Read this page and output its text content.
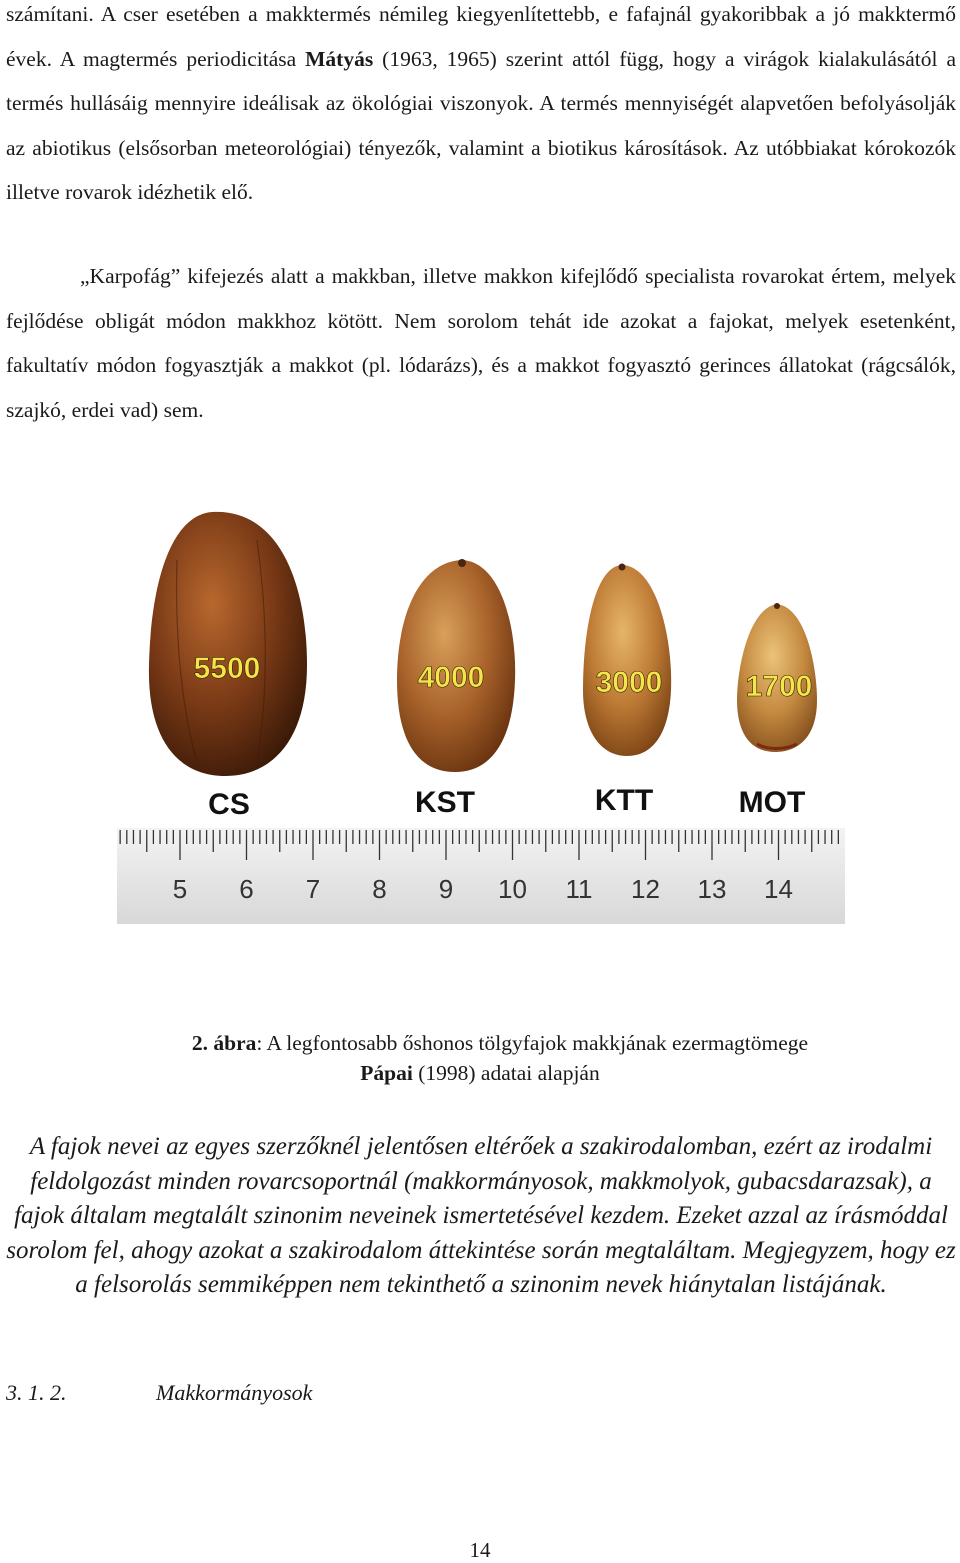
számítani. A cser esetében a makktermés némileg kiegyenlítettebb, e fafajnál gyakoribbak a jó makktermő évek. A magtermés periodicitása Mátyás (1963, 1965) szerint attól függ, hogy a virágok kialakulásától a termés hullásáig mennyire ideálisak az ökológiai viszonyok. A termés mennyiségét alapvetően befolyásolják az abiotikus (elsősorban meteorológiai) tényezők, valamint a biotikus károsítások. Az utóbbiakat kórokozók illetve rovarok idézhetik elő.

„Karpofág” kifejezés alatt a makkban, illetve makkon kifejlődő specialista rovarokat értem, melyek fejlődése obligát módon makkhoz kötött. Nem sorolom tehát ide azokat a fajokat, melyek esetenként, fakultatív módon fogyasztják a makkot (pl. lódarázs), és a makkot fogyasztó gerinces állatokat (rágcsálók, szajkó, erdei vad) sem.

5500	4000	3000	1700
CS	KST	KTT	MOT
5 6 7 8 9 10 11 12 13 14
2. ábra: A legfontosabb őshonos tölgyfajok makkjának ezermagtömege
Pápai (1998) adatai alapján

A fajok nevei az egyes szerzőknél jelentősen eltérőek a szakirodalomban, ezért az irodalmi feldolgozást minden rovarcsoportnál (makkormányosok, makkmolyok, gubacsdarazsak), a fajok általam megtalált szinonim neveinek ismertetésével kezdem. Ezeket azzal az írásmóddal sorolom fel, ahogy azokat a szakirodalom áttekintése során megtaláltam. Megjegyzem, hogy ez a felsorolás semmiképpen nem tekinthető a szinonim nevek hiánytalan listájának.

3. 1. 2.	Makkormányosok
14
